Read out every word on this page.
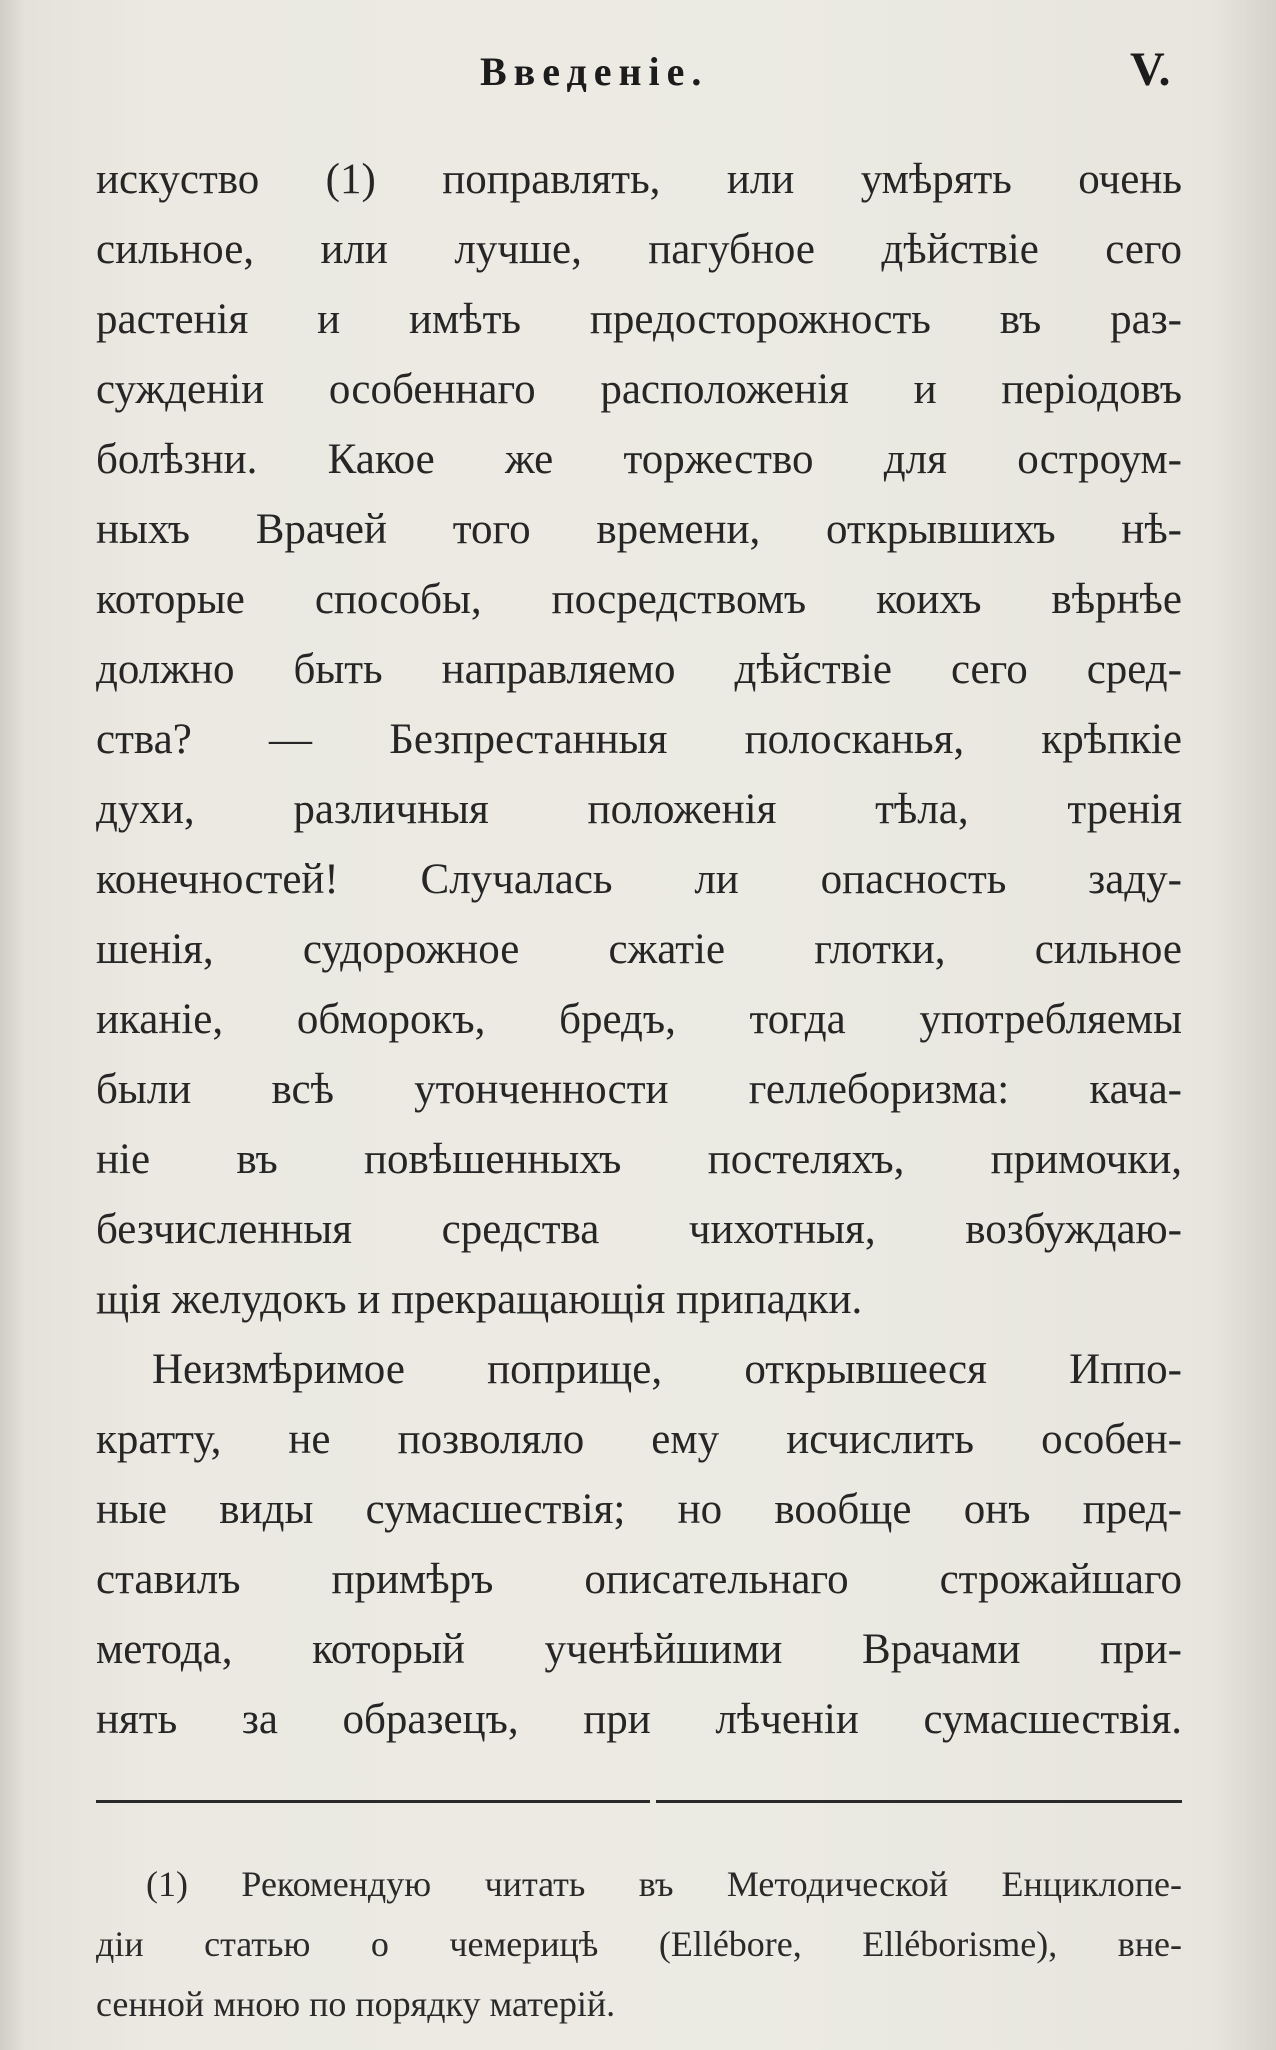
Введеніе.	V.
искуство (1) поправлять, или умѣрять очень
сильное, или лучше, пагубное дѣйствіе сего
растенія и имѣть предосторожность въ раз-
сужденіи особеннаго расположенія и періодовъ
болѣзни. Какое же торжество для остроум-
ныхъ Врачей того времени, открывшихъ нѣ-
которые способы, посредствомъ коихъ вѣрнѣе
должно быть направляемо дѣйствіе сего сред-
ства? — Безпрестанныя полосканья, крѣпкіе
духи, различныя положенія тѣла, тренія
конечностей! Случалась ли опасность заду-
шенія, судорожное сжатіе глотки, сильное
иканіе, обморокъ, бредъ, тогда употребляемы
были всѣ утонченности геллеборизма: кача-
ніе въ повѣшенныхъ постеляхъ, примочки,
безчисленныя средства чихотныя, возбуждаю-
щія желудокъ и прекращающія припадки.
Неизмѣримое поприще, открывшееся Иппо-
кратту, не позволяло ему исчислить особен-
ные виды сумасшествія; но вообще онъ пред-
ставилъ примѣръ описательнаго строжайшаго
метода, который ученѣйшими Врачами при-
нять за образецъ, при лѣченіи сумасшествія.
(1) Рекомендую читать въ Методической Енциклопе-
діи статью о чемерицѣ (Ellébore, Elléborisme), вне-
сенной мною по порядку матерій.
